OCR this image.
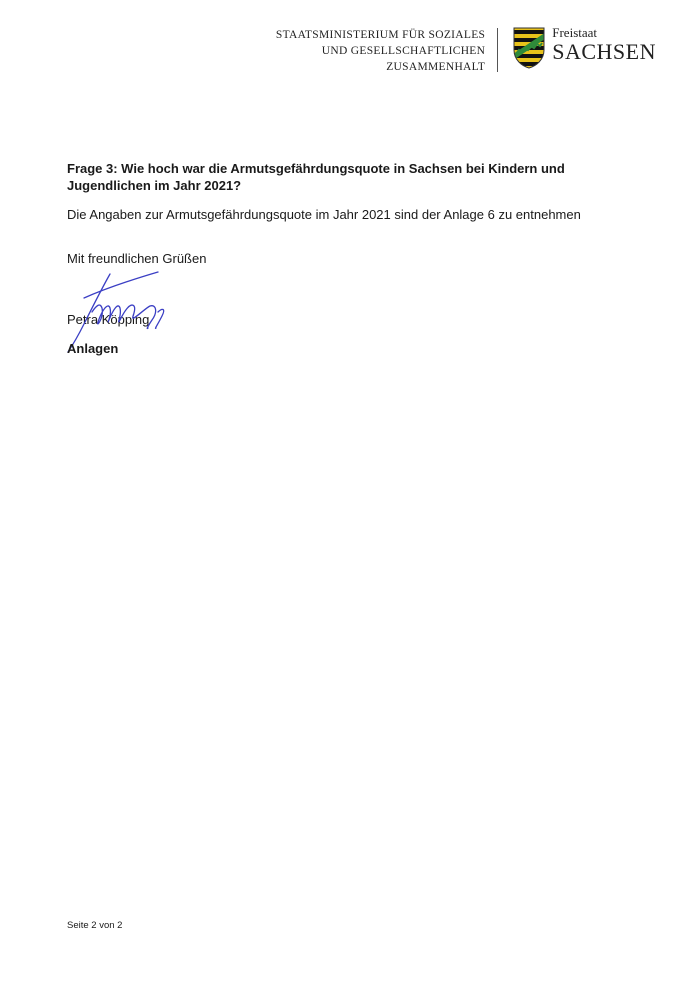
STAATSMINISTERIUM FÜR SOZIALES
UND GESELLSCHAFTLICHEN
ZUSAMMENHALT
Freistaat
SACHSEN
Frage 3: Wie hoch war die Armutsgefährdungsquote in Sachsen bei Kindern und Jugendlichen im Jahr 2021?
Die Angaben zur Armutsgefährdungsquote im Jahr 2021 sind der Anlage 6 zu entnehmen
Mit freundlichen Grüßen
Petra Köpping
Anlagen
Seite 2 von 2
